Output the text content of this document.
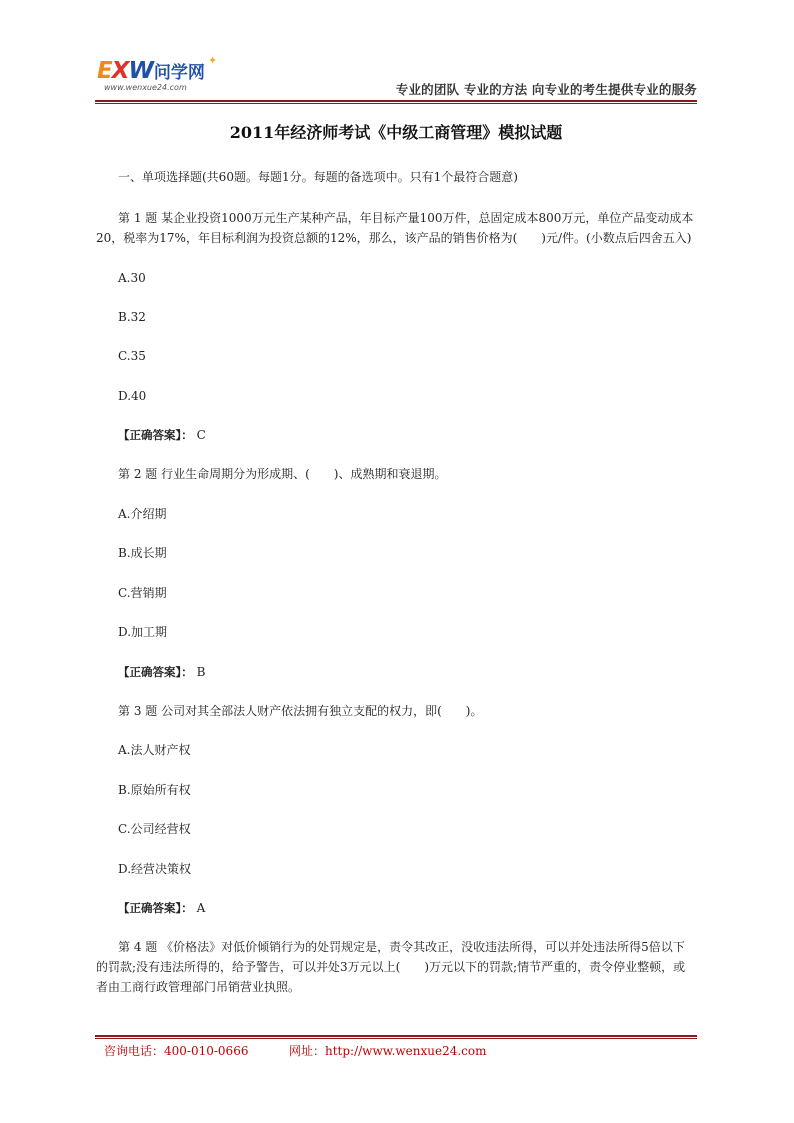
EXW问学网
✦
www.wenxue24.com	专业的团队 专业的方法 向专业的考生提供专业的服务
2011年经济师考试《中级工商管理》模拟试题
一、单项选择题(共60题。每题1分。每题的备选项中。只有1个最符合题意)
第 1 题 某企业投资1000万元生产某种产品，年目标产量100万件，总固定成本800万元，单位产品变动成本20，税率为17%，年目标利润为投资总额的12%，那么，该产品的销售价格为(　　)元/件。(小数点后四舍五入)
A.30
B.32
C.35
D.40
【正确答案】： C
第 2 题 行业生命周期分为形成期、(　　)、成熟期和衰退期。
A.介绍期
B.成长期
C.营销期
D.加工期
【正确答案】： B
第 3 题 公司对其全部法人财产依法拥有独立支配的权力，即(　　)。
A.法人财产权
B.原始所有权
C.公司经营权
D.经营决策权
【正确答案】： A
第 4 题 《价格法》对低价倾销行为的处罚规定是，责令其改正，没收违法所得，可以并处违法所得5倍以下的罚款;没有违法所得的，给予警告，可以并处3万元以上(　　)万元以下的罚款;情节严重的，责令停业整顿，或者由工商行政管理部门吊销营业执照。
咨询电话：400-010-0666	网址：http://www.wenxue24.com
